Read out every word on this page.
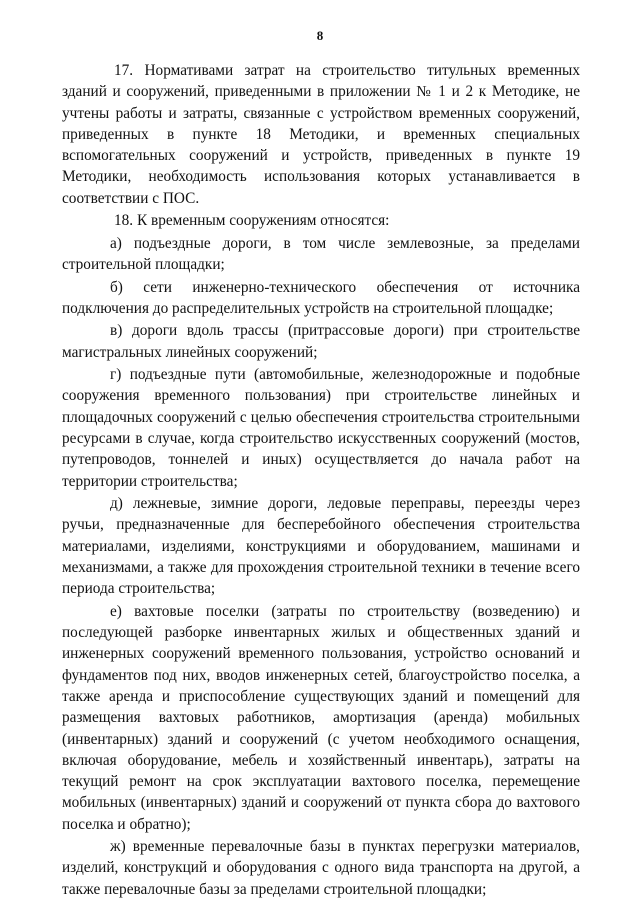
8

17. Нормативами затрат на строительство титульных временных зданий и сооружений, приведенными в приложении № 1 и 2 к Методике, не учтены работы и затраты, связанные с устройством временных сооружений, приведенных в пункте 18 Методики, и временных специальных вспомогательных сооружений и устройств, приведенных в пункте 19 Методики, необходимость использования которых устанавливается в соответствии с ПОС.

18. К временным сооружениям относятся:

а) подъездные дороги, в том числе землевозные, за пределами строительной площадки;

б) сети инженерно-технического обеспечения от источника подключения до распределительных устройств на строительной площадке;

в) дороги вдоль трассы (притрассовые дороги) при строительстве магистральных линейных сооружений;

г) подъездные пути (автомобильные, железнодорожные и подобные сооружения временного пользования) при строительстве линейных и площадочных сооружений с целью обеспечения строительства строительными ресурсами в случае, когда строительство искусственных сооружений (мостов, путепроводов, тоннелей и иных) осуществляется до начала работ на территории строительства;

д) лежневые, зимние дороги, ледовые переправы, переезды через ручьи, предназначенные для бесперебойного обеспечения строительства материалами, изделиями, конструкциями и оборудованием, машинами и механизмами, а также для прохождения строительной техники в течение всего периода строительства;

е) вахтовые поселки (затраты по строительству (возведению) и последующей разборке инвентарных жилых и общественных зданий и инженерных сооружений временного пользования, устройство оснований и фундаментов под них, вводов инженерных сетей, благоустройство поселка, а также аренда и приспособление существующих зданий и помещений для размещения вахтовых работников, амортизация (аренда) мобильных (инвентарных) зданий и сооружений (с учетом необходимого оснащения, включая оборудование, мебель и хозяйственный инвентарь), затраты на текущий ремонт на срок эксплуатации вахтового поселка, перемещение мобильных (инвентарных) зданий и сооружений от пункта сбора до вахтового поселка и обратно);

ж) временные перевалочные базы в пунктах перегрузки материалов, изделий, конструкций и оборудования с одного вида транспорта на другой, а также перевалочные базы за пределами строительной площадки;
